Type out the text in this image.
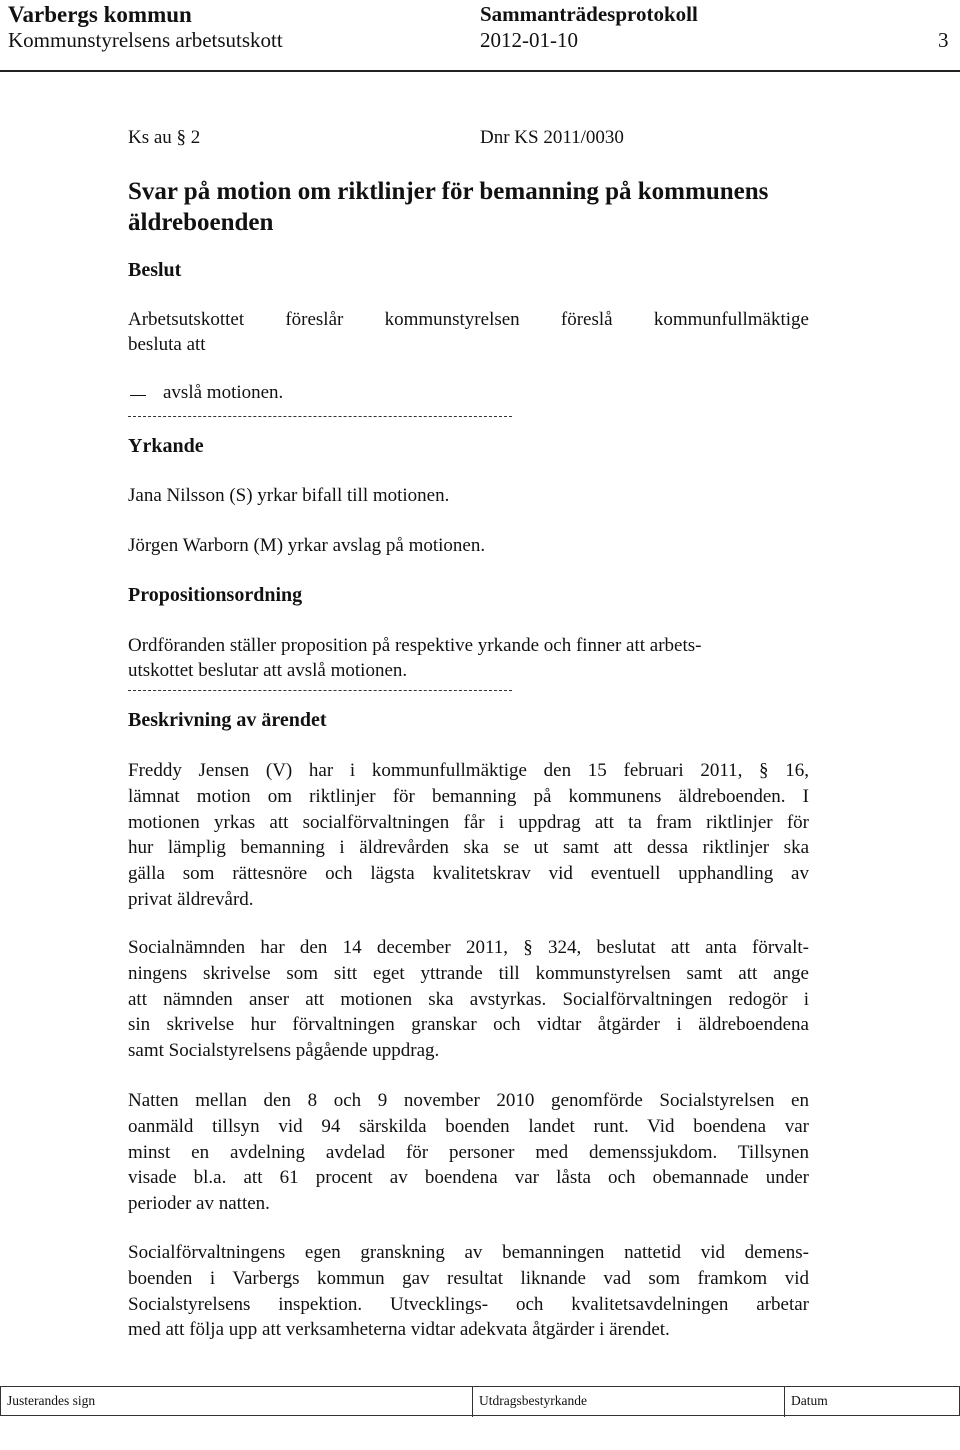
Varbergs kommun	Sammanträdesprotokoll
Kommunstyrelsens arbetsutskott	2012-01-10	3
Ks au § 2	Dnr KS 2011/0030
Svar på motion om riktlinjer för bemanning på kommunens äldreboenden
Beslut
Arbetsutskottet föreslår kommunstyrelsen föreslå kommunfullmäktige
besluta att
avslå motionen.
Yrkande
Jana Nilsson (S) yrkar bifall till motionen.
Jörgen Warborn (M) yrkar avslag på motionen.
Propositionsordning
Ordföranden ställer proposition på respektive yrkande och finner att arbets-
utskottet beslutar att avslå motionen.
Beskrivning av ärendet
Freddy Jensen (V) har i kommunfullmäktige den 15 februari 2011, § 16,
lämnat motion om riktlinjer för bemanning på kommunens äldreboenden. I
motionen yrkas att socialförvaltningen får i uppdrag att ta fram riktlinjer för
hur lämplig bemanning i äldrevården ska se ut samt att dessa riktlinjer ska
gälla som rättesnöre och lägsta kvalitetskrav vid eventuell upphandling av
privat äldrevård.
Socialnämnden har den 14 december 2011, § 324, beslutat att anta förvalt-
ningens skrivelse som sitt eget yttrande till kommunstyrelsen samt att ange
att nämnden anser att motionen ska avstyrkas. Socialförvaltningen redogör i
sin skrivelse hur förvaltningen granskar och vidtar åtgärder i äldreboendena
samt Socialstyrelsens pågående uppdrag.
Natten mellan den 8 och 9 november 2010 genomförde Socialstyrelsen en
oanmäld tillsyn vid 94 särskilda boenden landet runt. Vid boendena var
minst en avdelning avdelad för personer med demenssjukdom. Tillsynen
visade bl.a. att 61 procent av boendena var låsta och obemannade under
perioder av natten.
Socialförvaltningens egen granskning av bemanningen nattetid vid demens-
boenden i Varbergs kommun gav resultat liknande vad som framkom vid
Socialstyrelsens inspektion. Utvecklings- och kvalitetsavdelningen arbetar
med att följa upp att verksamheterna vidtar adekvata åtgärder i ärendet.
Justerandes sign	Utdragsbestyrkande	Datum
